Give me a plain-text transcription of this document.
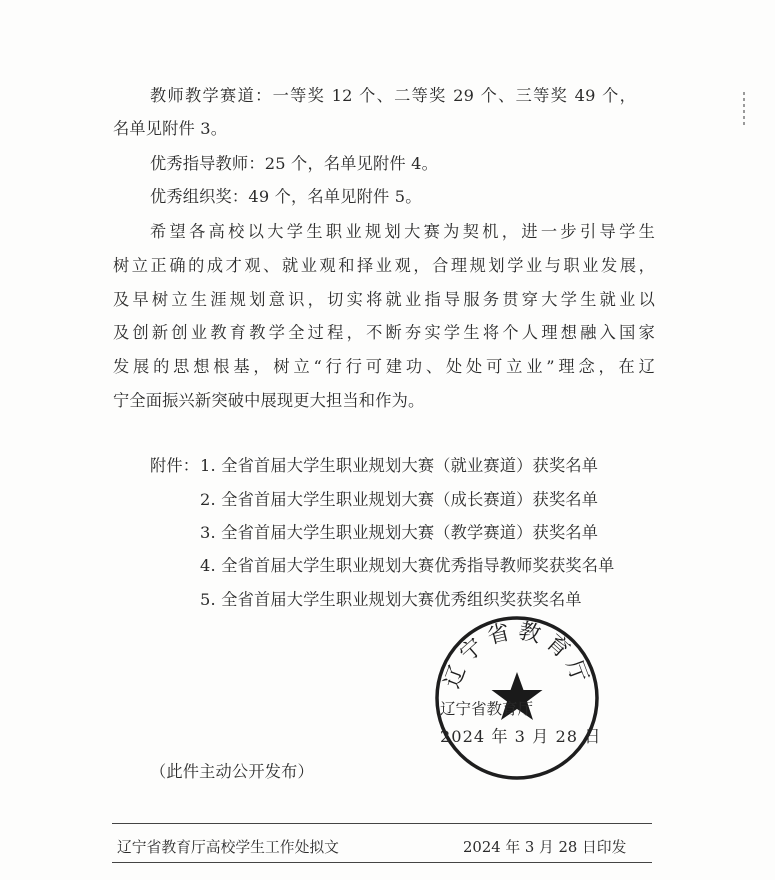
教师教学赛道：一等奖 12 个、二等奖 29 个、三等奖 49 个，
名单见附件 3。
优秀指导教师：25 个，名单见附件 4。
优秀组织奖：49 个，名单见附件 5。
希望各高校以大学生职业规划大赛为契机，进一步引导学生
树立正确的成才观、就业观和择业观，合理规划学业与职业发展，
及早树立生涯规划意识，切实将就业指导服务贯穿大学生就业以
及创新创业教育教学全过程，不断夯实学生将个人理想融入国家
发展的思想根基，树立“行行可建功、处处可立业”理念，在辽
宁全面振兴新突破中展现更大担当和作为。
附件： 1. 全省首届大学生职业规划大赛（就业赛道）获奖名单
2. 全省首届大学生职业规划大赛（成长赛道）获奖名单
3. 全省首届大学生职业规划大赛（教学赛道）获奖名单
4. 全省首届大学生职业规划大赛优秀指导教师奖获奖名单
5. 全省首届大学生职业规划大赛优秀组织奖获奖名单
辽宁省教育厅
辽宁省教育厅
2024 年 3 月 28 日
（此件主动公开发布）
辽宁省教育厅高校学生工作处拟文	2024 年 3 月 28 日印发
